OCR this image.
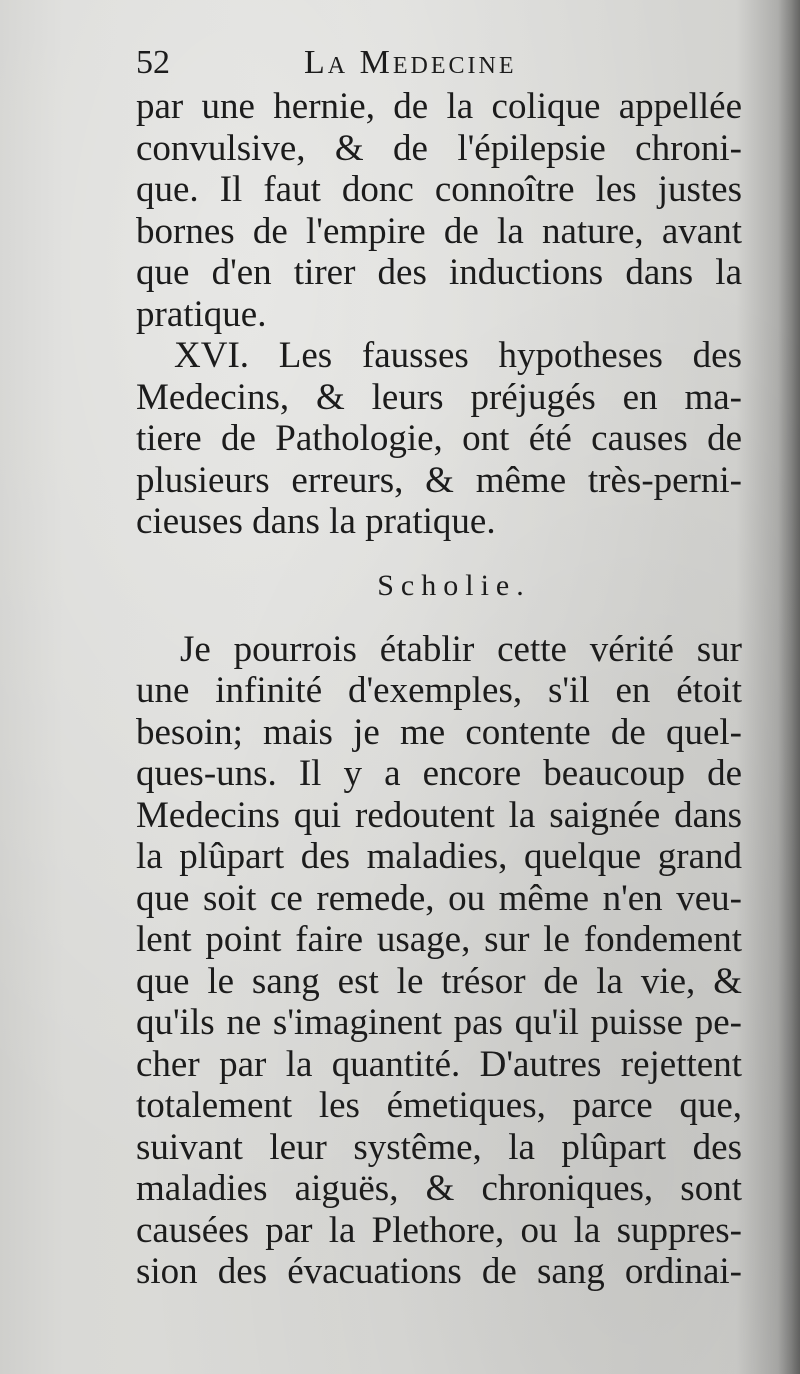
52	La Medecine
par une hernie, de la colique appellée
convulsive, & de l'épilepsie chroni-
que. Il faut donc connoître les justes
bornes de l'empire de la nature, avant
que d'en tirer des inductions dans la
pratique.
XVI. Les fausses hypotheses des
Medecins, & leurs préjugés en ma-
tiere de Pathologie, ont été causes de
plusieurs erreurs, & même très-perni-
cieuses dans la pratique.
Scholie.
Je pourrois établir cette vérité sur
une infinité d'exemples, s'il en étoit
besoin; mais je me contente de quel-
ques-uns. Il y a encore beaucoup de
Medecins qui redoutent la saignée dans
la plûpart des maladies, quelque grand
que soit ce remede, ou même n'en veu-
lent point faire usage, sur le fondement
que le sang est le trésor de la vie, &
qu'ils ne s'imaginent pas qu'il puisse pe-
cher par la quantité. D'autres rejettent
totalement les émetiques, parce que,
suivant leur systême, la plûpart des
maladies aiguës, & chroniques, sont
causées par la Plethore, ou la suppres-
sion des évacuations de sang ordinai-
